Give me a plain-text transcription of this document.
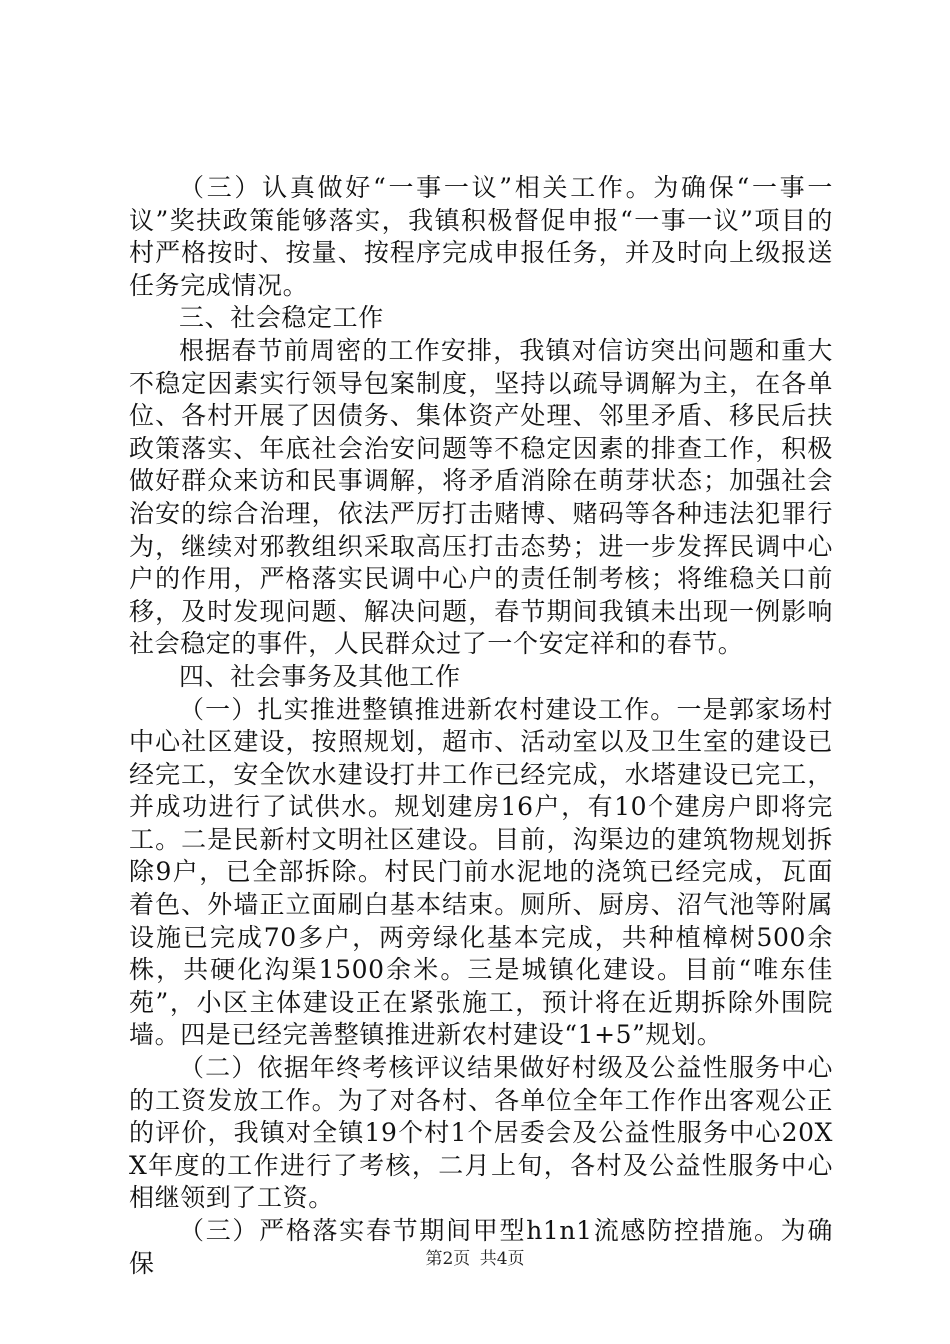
（三）认真做好“一事一议”相关工作。为确保“一事一议”奖扶政策能够落实，我镇积极督促申报“一事一议”项目的村严格按时、按量、按程序完成申报任务，并及时向上级报送任务完成情况。

三、社会稳定工作

根据春节前周密的工作安排，我镇对信访突出问题和重大不稳定因素实行领导包案制度，坚持以疏导调解为主，在各单位、各村开展了因债务、集体资产处理、邻里矛盾、移民后扶政策落实、年底社会治安问题等不稳定因素的排查工作，积极做好群众来访和民事调解，将矛盾消除在萌芽状态；加强社会治安的综合治理，依法严厉打击赌博、赌码等各种违法犯罪行为，继续对邪教组织采取高压打击态势；进一步发挥民调中心户的作用，严格落实民调中心户的责任制考核；将维稳关口前移，及时发现问题、解决问题，春节期间我镇未出现一例影响社会稳定的事件，人民群众过了一个安定祥和的春节。

四、社会事务及其他工作

（一）扎实推进整镇推进新农村建设工作。一是郭家场村中心社区建设，按照规划，超市、活动室以及卫生室的建设已经完工，安全饮水建设打井工作已经完成，水塔建设已完工，并成功进行了试供水。规划建房16户，有10个建房户即将完工。二是民新村文明社区建设。目前，沟渠边的建筑物规划拆除9户，已全部拆除。村民门前水泥地的浇筑已经完成，瓦面着色、外墙正立面刷白基本结束。厕所、厨房、沼气池等附属设施已完成70多户，两旁绿化基本完成，共种植樟树500余株，共硬化沟渠1500余米。三是城镇化建设。目前“唯东佳苑”，小区主体建设正在紧张施工，预计将在近期拆除外围院墙。四是已经完善整镇推进新农村建设“1+5”规划。

（二）依据年终考核评议结果做好村级及公益性服务中心的工资发放工作。为了对各村、各单位全年工作作出客观公正的评价，我镇对全镇19个村1个居委会及公益性服务中心20XX年度的工作进行了考核，二月上旬，各村及公益性服务中心相继领到了工资。

（三）严格落实春节期间甲型h1n1流感防控措施。为确保	第2页 共4页
